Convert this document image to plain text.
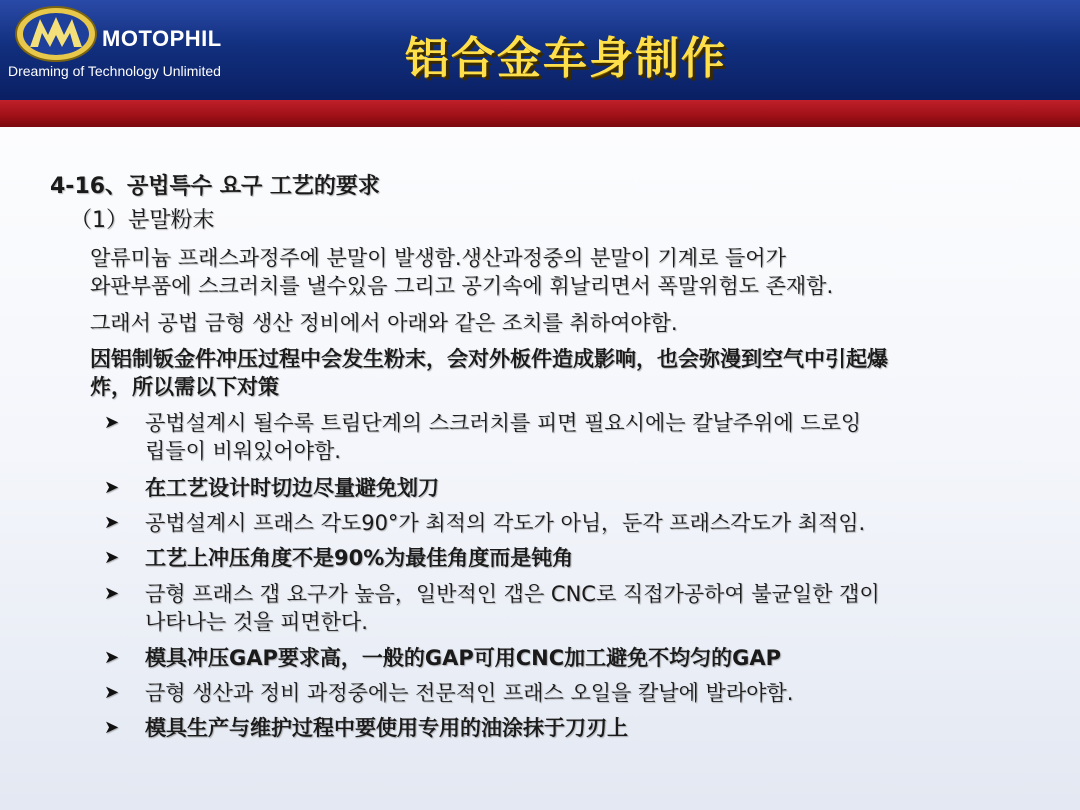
MOTOPHIL
Dreaming of Technology Unlimited	铝合金车身制作
4-16、공법특수 요구 工艺的要求
（1）분말粉末
알류미늄 프래스과정주에 분말이 발생함.생산과정중의 분말이 기계로 들어가
와판부품에 스크러치를 낼수있음 그리고 공기속에 휘날리면서 폭말위험도 존재함.
그래서 공법 금형 생산 정비에서 아래와 같은 조치를 취하여야함.
因铝制钣金件冲压过程中会发生粉末，会对外板件造成影响，也会弥漫到空气中引起爆
炸，所以需以下对策
➤ 공법설계시 될수록 트림단계의 스크러치를 피면 필요시에는 칼날주위에 드로잉
립들이 비워있어야함.
➤ 在工艺设计时切边尽量避免划刀
➤ 공법설계시 프래스 각도90°가 최적의 각도가 아님，둔각 프래스각도가 최적임.
➤ 工艺上冲压角度不是90%为最佳角度而是钝角
➤ 금형 프래스 갭 요구가 높음，일반적인 갭은 CNC로 직접가공하여 불균일한 갭이
나타나는 것을 피면한다.
➤ 模具冲压GAP要求高，一般的GAP可用CNC加工避免不均匀的GAP
➤ 금형 생산과 정비 과정중에는 전문적인 프래스 오일을 칼날에 발라야함.
➤ 模具生产与维护过程中要使用专用的油涂抹于刀刃上
